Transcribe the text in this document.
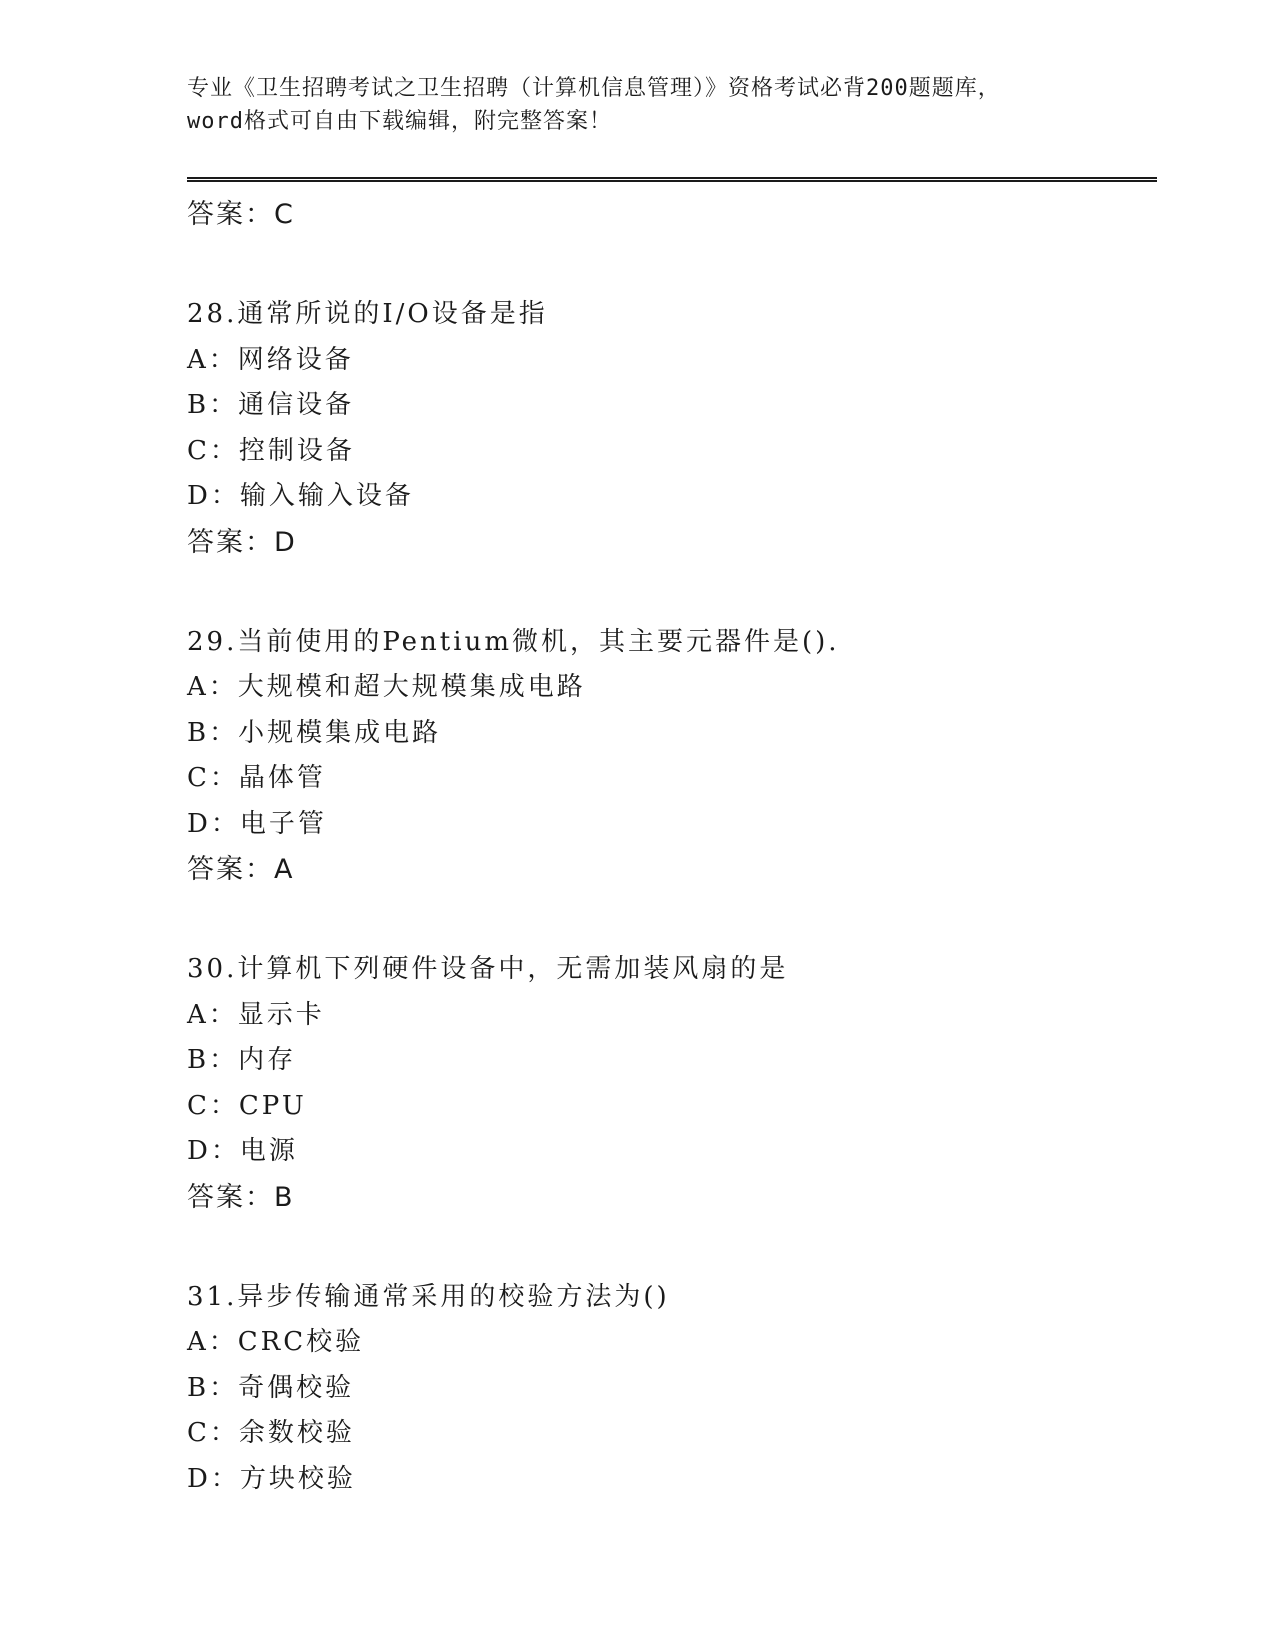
专业《卫生招聘考试之卫生招聘（计算机信息管理）》资格考试必背200题题库，
word格式可自由下载编辑，附完整答案！
答案：C
28.通常所说的I/O设备是指
A：网络设备
B：通信设备
C：控制设备
D：输入输入设备
答案：D
29.当前使用的Pentium微机，其主要元器件是().
A：大规模和超大规模集成电路
B：小规模集成电路
C：晶体管
D：电子管
答案：A
30.计算机下列硬件设备中，无需加装风扇的是
A：显示卡
B：内存
C：CPU
D：电源
答案：B
31.异步传输通常采用的校验方法为()
A：CRC校验
B：奇偶校验
C：余数校验
D：方块校验
